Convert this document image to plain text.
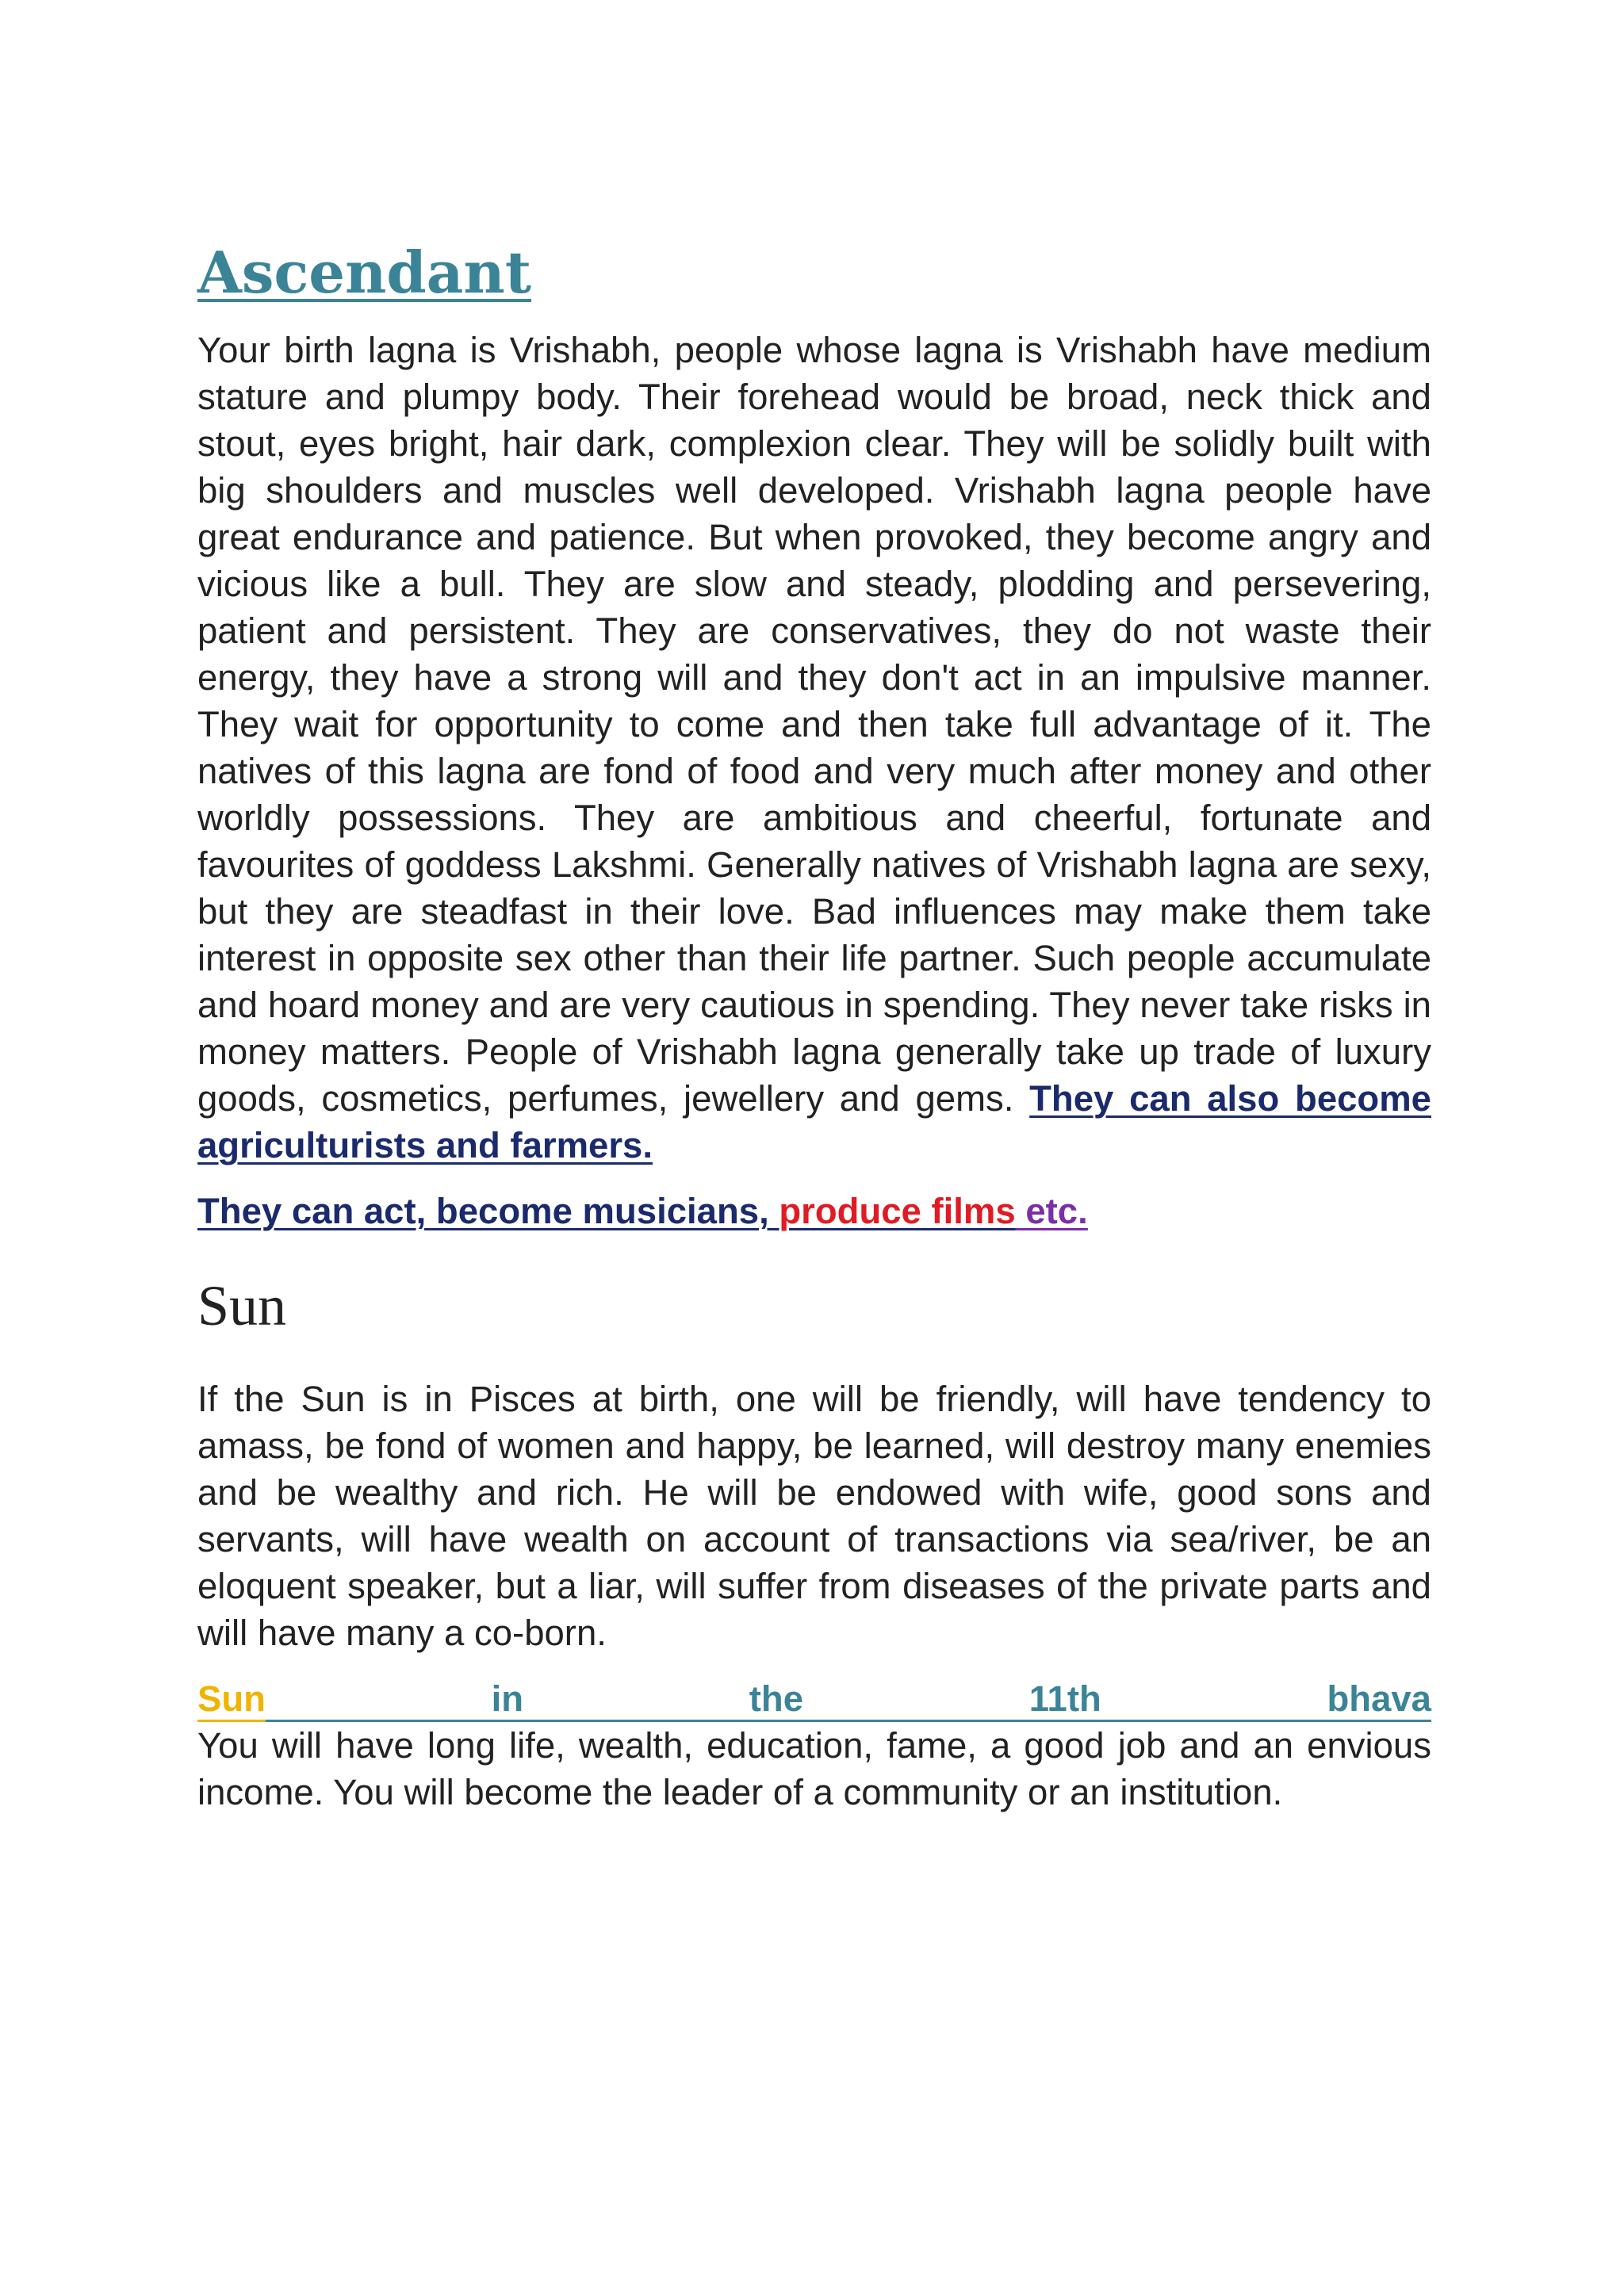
Ascendant

Your birth lagna is Vrishabh, people whose lagna is Vrishabh have medium stature and plumpy body. Their forehead would be broad, neck thick and stout, eyes bright, hair dark, complexion clear. They will be solidly built with big shoulders and muscles well developed. Vrishabh lagna people have great endurance and patience. But when provoked, they become angry and vicious like a bull. They are slow and steady, plodding and persevering, patient and persistent. They are conservatives, they do not waste their energy, they have a strong will and they don't act in an impulsive manner. They wait for opportunity to come and then take full advantage of it. The natives of this lagna are fond of food and very much after money and other worldly possessions. They are ambitious and cheerful, fortunate and favourites of goddess Lakshmi. Generally natives of Vrishabh lagna are sexy, but they are steadfast in their love. Bad influences may make them take interest in opposite sex other than their life partner. Such people accumulate and hoard money and are very cautious in spending. They never take risks in money matters. People of Vrishabh lagna generally take up trade of luxury goods, cosmetics, perfumes, jewellery and gems. They can also become agriculturists and farmers.

They can act, become musicians, produce films etc.

Sun

If the Sun is in Pisces at birth, one will be friendly, will have tendency to amass, be fond of women and happy, be learned, will destroy many enemies and be wealthy and rich. He will be endowed with wife, good sons and servants, will have wealth on account of transactions via sea/river, be an eloquent speaker, but a liar, will suffer from diseases of the private parts and will have many a co-born.

Sun	in	the	11th	bhava

You will have long life, wealth, education, fame, a good job and an envious income. You will become the leader of a community or an institution.
